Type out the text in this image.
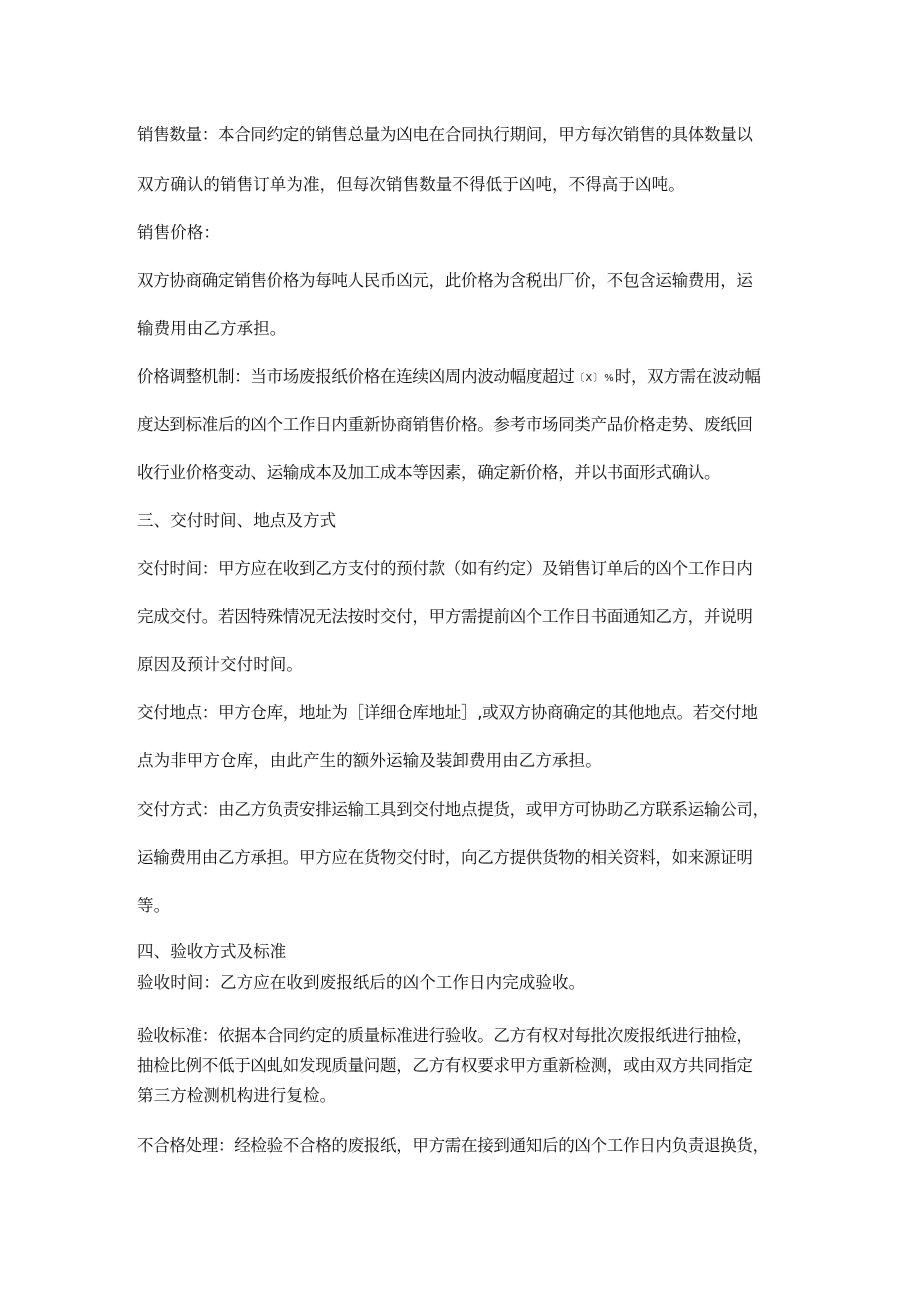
销售数量：本合同约定的销售总量为凶电在合同执行期间，甲方每次销售的具体数量以
双方确认的销售订单为准，但每次销售数量不得低于凶吨，不得高于凶吨。
销售价格：
双方协商确定销售价格为每吨人民币凶元，此价格为含税出厂价，不包含运输费用，运
输费用由乙方承担。
价格调整机制：当市场废报纸价格在连续凶周内波动幅度超过〔X〕%时，双方需在波动幅
度达到标准后的凶个工作日内重新协商销售价格。参考市场同类产品价格走势、废纸回
收行业价格变动、运输成本及加工成本等因素，确定新价格，并以书面形式确认。
三、交付时间、地点及方式
交付时间：甲方应在收到乙方支付的预付款（如有约定）及销售订单后的凶个工作日内
完成交付。若因特殊情况无法按时交付，甲方需提前凶个工作日书面通知乙方，并说明
原因及预计交付时间。
交付地点：甲方仓库，地址为［详细仓库地址］,或双方协商确定的其他地点。若交付地
点为非甲方仓库，由此产生的额外运输及装卸费用由乙方承担。
交付方式：由乙方负责安排运输工具到交付地点提货，或甲方可协助乙方联系运输公司，
运输费用由乙方承担。甲方应在货物交付时，向乙方提供货物的相关资料，如来源证明
等。
四、验收方式及标准
验收时间：乙方应在收到废报纸后的凶个工作日内完成验收。
验收标准：依据本合同约定的质量标准进行验收。乙方有权对每批次废报纸进行抽检，
抽检比例不低于凶虬如发现质量问题，乙方有权要求甲方重新检测，或由双方共同指定
第三方检测机构进行复检。
不合格处理：经检验不合格的废报纸，甲方需在接到通知后的凶个工作日内负责退换货，
